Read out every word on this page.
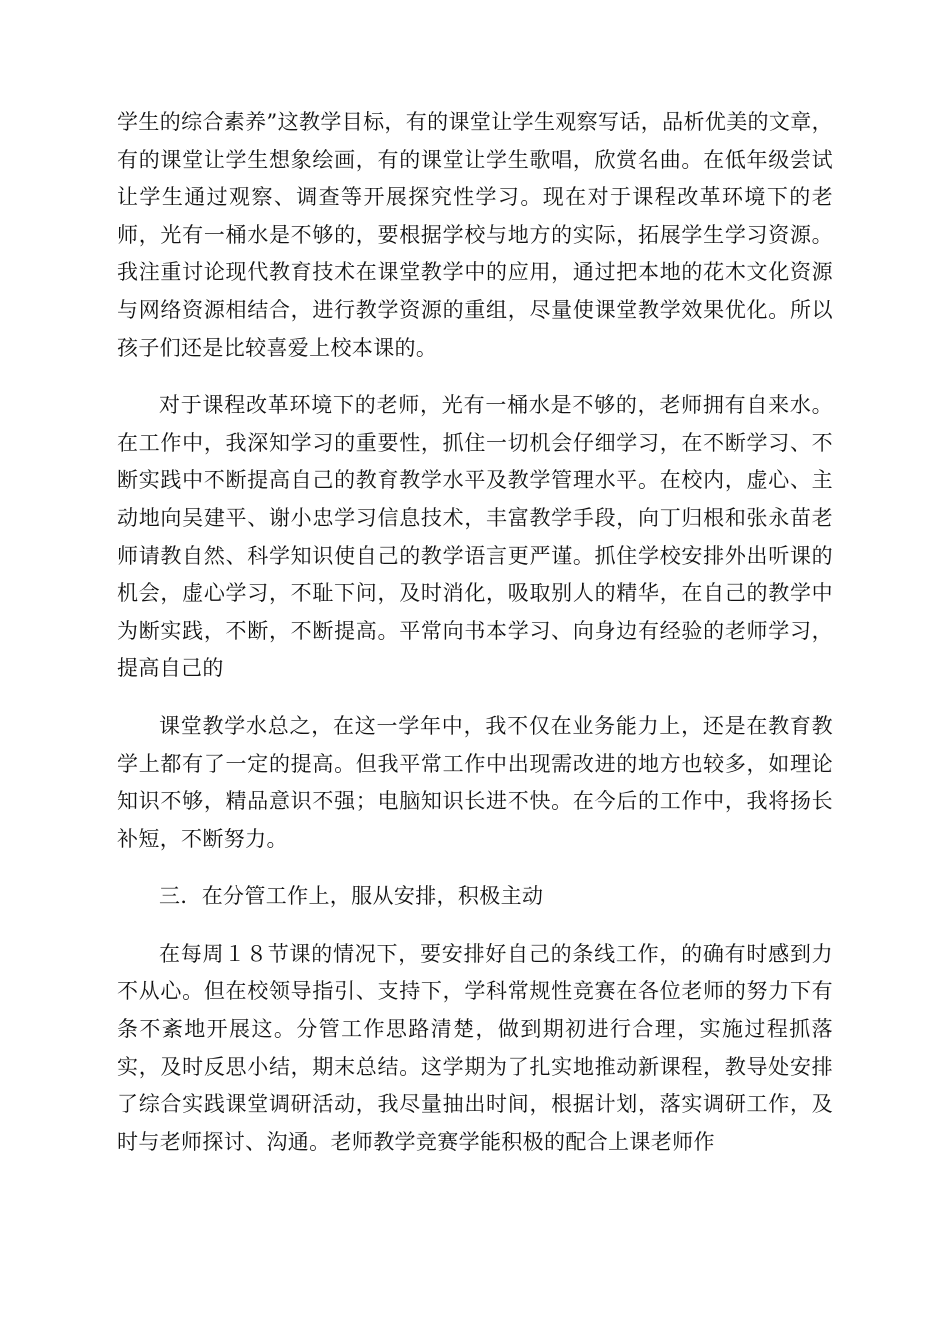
学生的综合素养”这教学目标，有的课堂让学生观察写话，品析优美的文章，有的课堂让学生想象绘画，有的课堂让学生歌唱，欣赏名曲。在低年级尝试让学生通过观察、调查等开展探究性学习。现在对于课程改革环境下的老师，光有一桶水是不够的，要根据学校与地方的实际，拓展学生学习资源。我注重讨论现代教育技术在课堂教学中的应用，通过把本地的花木文化资源与网络资源相结合，进行教学资源的重组，尽量使课堂教学效果优化。所以孩子们还是比较喜爱上校本课的。

对于课程改革环境下的老师，光有一桶水是不够的，老师拥有自来水。在工作中，我深知学习的重要性，抓住一切机会仔细学习，在不断学习、不断实践中不断提高自己的教育教学水平及教学管理水平。在校内，虚心、主动地向吴建平、谢小忠学习信息技术，丰富教学手段，向丁归根和张永苗老师请教自然、科学知识使自己的教学语言更严谨。抓住学校安排外出听课的机会，虚心学习，不耻下问，及时消化，吸取别人的精华，在自己的教学中为断实践，不断，不断提高。平常向书本学习、向身边有经验的老师学习，提高自己的

课堂教学水总之，在这一学年中，我不仅在业务能力上，还是在教育教学上都有了一定的提高。但我平常工作中出现需改进的地方也较多，如理论知识不够，精品意识不强；电脑知识长进不快。在今后的工作中，我将扬长补短，不断努力。

三．在分管工作上，服从安排，积极主动

在每周１８节课的情况下，要安排好自己的条线工作，的确有时感到力不从心。但在校领导指引、支持下，学科常规性竞赛在各位老师的努力下有条不紊地开展这。分管工作思路清楚，做到期初进行合理，实施过程抓落实，及时反思小结，期末总结。这学期为了扎实地推动新课程，教导处安排了综合实践课堂调研活动，我尽量抽出时间，根据计划，落实调研工作，及时与老师探讨、沟通。老师教学竞赛学能积极的配合上课老师作
